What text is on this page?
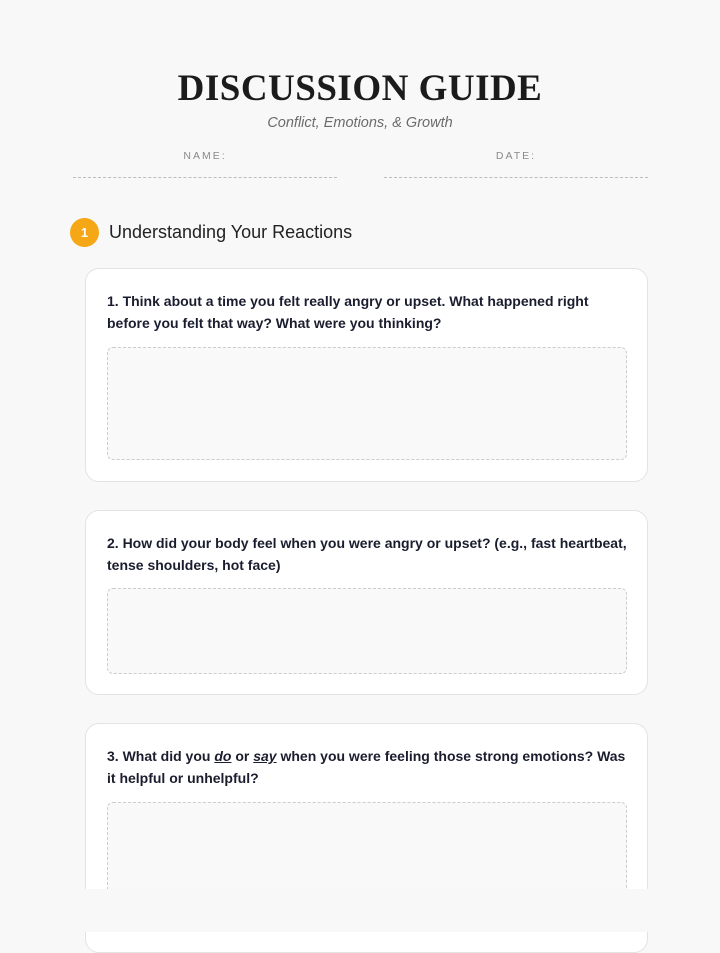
DISCUSSION GUIDE
Conflict, Emotions, & Growth
NAME:	DATE:
1	Understanding Your Reactions

1. Think about a time you felt really angry or upset. What happened right before you felt that way? What were you thinking?

2. How did your body feel when you were angry or upset? (e.g., fast heartbeat, tense shoulders, hot face)

3. What did you do or say when you were feeling those strong emotions? Was it helpful or unhelpful?
